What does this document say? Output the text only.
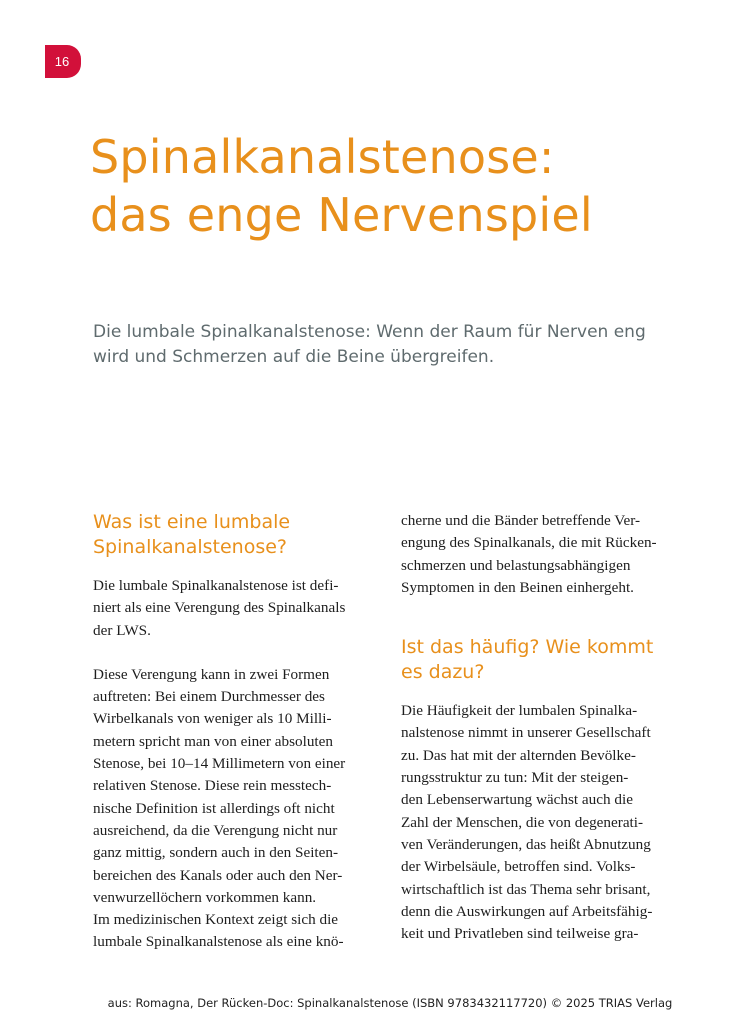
16
Spinalkanalstenose:
das enge Nervenspiel

Die lumbale Spinalkanalstenose: Wenn der Raum für Nerven eng
wird und Schmerzen auf die Beine übergreifen.

Was ist eine lumbale
Spinalkanalstenose?

Die lumbale Spinalkanalstenose ist defi-
niert als eine Verengung des Spinalkanals
der LWS.

Diese Verengung kann in zwei Formen
auftreten: Bei einem Durchmesser des
Wirbelkanals von weniger als 10 Milli-
metern spricht man von einer absoluten
Stenose, bei 10–14 Millimetern von einer
relativen Stenose. Diese rein messtech-
nische Definition ist allerdings oft nicht
ausreichend, da die Verengung nicht nur
ganz mittig, sondern auch in den Seiten-
bereichen des Kanals oder auch den Ner-
venwurzellöchern vorkommen kann.
Im medizinischen Kontext zeigt sich die
lumbale Spinalkanalstenose als eine knö-

cherne und die Bänder betreffende Ver-
engung des Spinalkanals, die mit Rücken-
schmerzen und belastungsabhängigen
Symptomen in den Beinen einhergeht.

Ist das häufig? Wie kommt
es dazu?

Die Häufigkeit der lumbalen Spinalka-
nalstenose nimmt in unserer Gesellschaft
zu. Das hat mit der alternden Bevölke-
rungsstruktur zu tun: Mit der steigen-
den Lebenserwartung wächst auch die
Zahl der Menschen, die von degenerati-
ven Veränderungen, das heißt Abnutzung
der Wirbelsäule, betroffen sind. Volks-
wirtschaftlich ist das Thema sehr brisant,
denn die Auswirkungen auf Arbeitsfähig-
keit und Privatleben sind teilweise gra-

aus: Romagna, Der Rücken-Doc: Spinalkanalstenose (ISBN 9783432117720) © 2025 TRIAS Verlag
